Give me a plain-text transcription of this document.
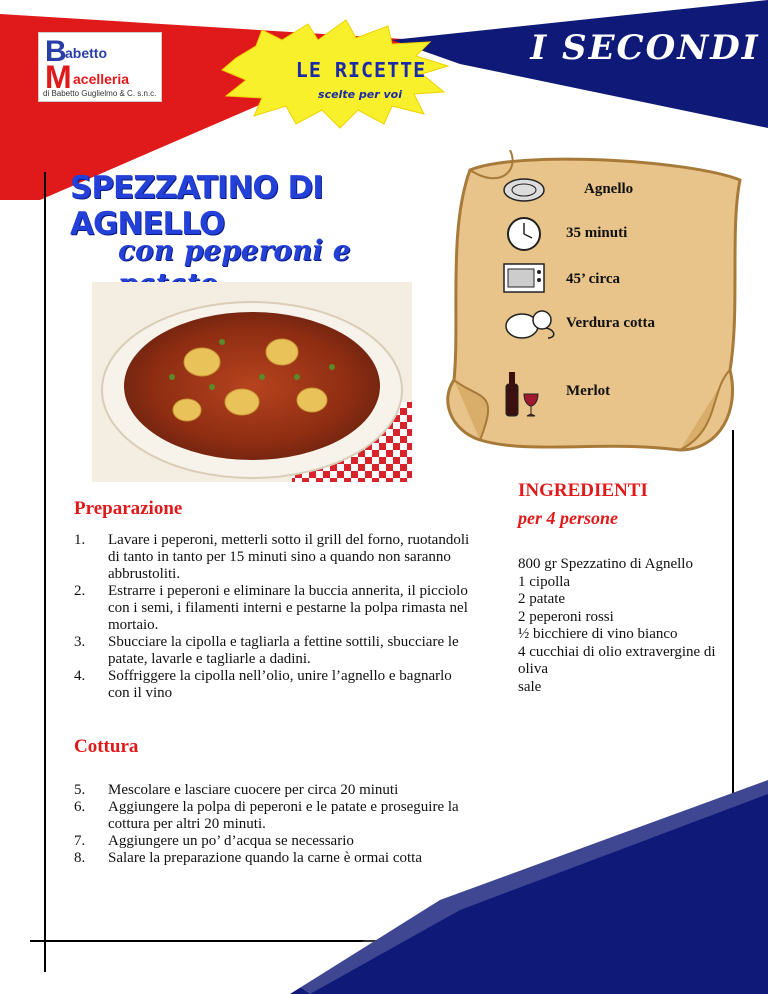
B
abetto
M acelleria
di Babetto Guglielmo & C. s.n.c.
LE RICETTE
scelte per voi
I SECONDI
SPEZZATINO DI AGNELLO
con peperoni e
Agnello
35 minuti
45’ circa
Verdura cotta
Merlot
Preparazione
1. Lavare i peperoni, metterli sotto il grill del forno, ruotandoli di tanto in tanto per 15 minuti sino a quando non saranno abbrustoliti.
2. Estrarre i peperoni e eliminare la buccia annerita, il picciolo con i semi, i filamenti interni e pestarne la polpa rimasta nel mortaio.
3. Sbucciare la cipolla e tagliarla a fettine sottili, sbucciare le patate, lavarle e tagliarle a dadini.
4. Soffriggere la cipolla nell’olio, unire l’agnello e bagnarlo con il vino
Cottura
5. Mescolare e lasciare cuocere per circa 20 minuti
6. Aggiungere la polpa di peperoni e le patate e proseguire la cottura per altri 20 minuti.
7. Aggiungere un po’ d’acqua se necessario
8. Salare la preparazione quando la carne è ormai cotta
INGREDIENTI
per 4 persone
800 gr Spezzatino di Agnello
1 cipolla
2 patate
2 peperoni rossi
½ bicchiere di vino bianco
4 cucchiai di olio extravergine di oliva
sale
